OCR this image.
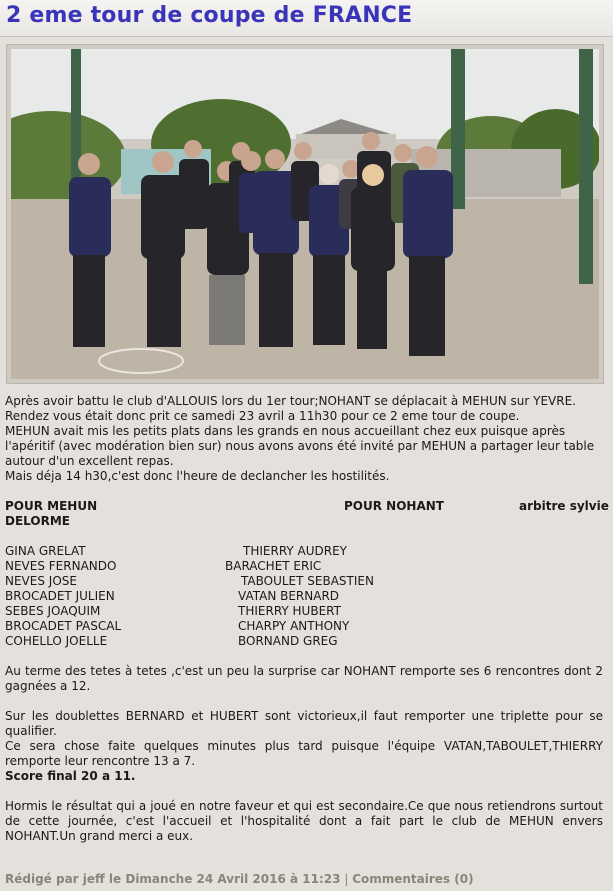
2 eme tour de coupe de FRANCE

Après avoir battu le club d'ALLOUIS lors du 1er tour;NOHANT se déplacait à MEHUN sur YEVRE.

Rendez vous était donc prit ce samedi 23 avril a 11h30 pour ce 2 eme tour de coupe.

MEHUN avait mis les petits plats dans les grands en nous accueillant chez eux puisque après l'apéritif (avec modération bien sur) nous avons avons été invité par MEHUN a partager leur table autour d'un excellent repas.

Mais déja 14 h30,c'est donc l'heure de declancher les hostilités.

POUR MEHUN	POUR NOHANT	arbitre sylvie
DELORME
GINA GRELAT	THIERRY AUDREY
NEVES FERNANDO	BARACHET ERIC
NEVES JOSE	TABOULET SEBASTIEN
BROCADET JULIEN	VATAN BERNARD
SEBES JOAQUIM	THIERRY HUBERT
BROCADET PASCAL	CHARPY ANTHONY
COHELLO JOELLE	BORNAND GREG

Au terme des tetes à tetes ,c'est un peu la surprise car NOHANT remporte ses 6 rencontres dont 2 gagnées a 12.

Sur les doublettes BERNARD et HUBERT sont victorieux,il faut remporter une triplette pour se qualifier.

Ce sera chose faite quelques minutes plus tard puisque l'équipe VATAN,TABOULET,THIERRY remporte leur rencontre 13 a 7.

Score final 20 a 11.

Hormis le résultat qui a joué en notre faveur et qui est secondaire.Ce que nous retiendrons surtout de cette journée, c'est l'accueil et l'hospitalité dont a fait part le club de MEHUN envers NOHANT.Un grand merci a eux.

Rédigé par jeff le Dimanche 24 Avril 2016 à 11:23 | Commentaires (0)
